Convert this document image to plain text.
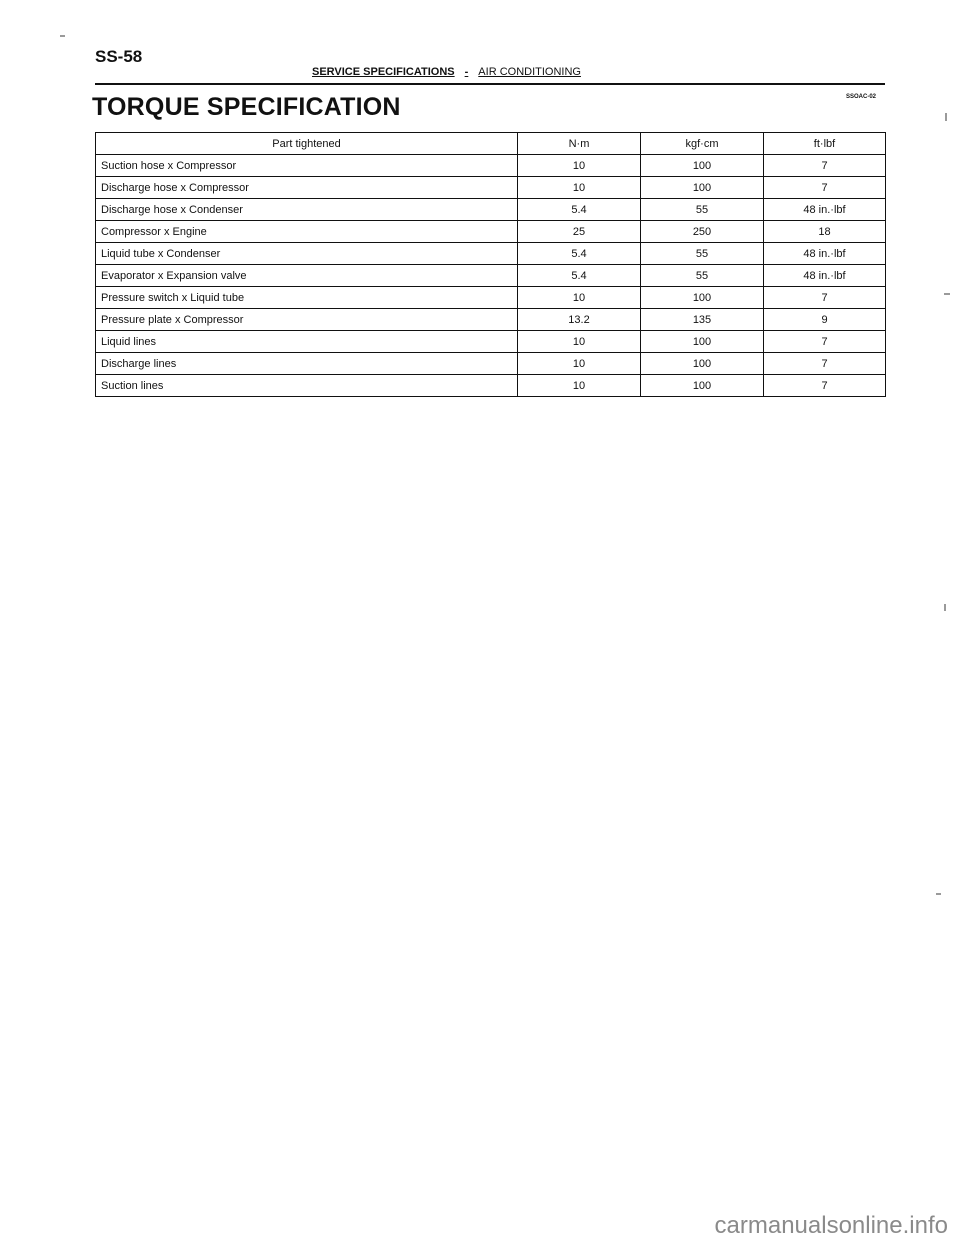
SS-58
SERVICE SPECIFICATIONS - AIR CONDITIONING
TORQUE SPECIFICATION	SSOAC-02
Part tightened	N·m	kgf·cm	ft·lbf
Suction hose x Compressor	10	100	7
Discharge hose x Compressor	10	100	7
Discharge hose x Condenser	5.4	55	48 in.·lbf
Compressor x Engine	25	250	18
Liquid tube x Condenser	5.4	55	48 in.·lbf
Evaporator x Expansion valve	5.4	55	48 in.·lbf
Pressure switch x Liquid tube	10	100	7
Pressure plate x Compressor	13.2	135	9
Liquid lines	10	100	7
Discharge lines	10	100	7
Suction lines	10	100	7
carmanualsonline.info
